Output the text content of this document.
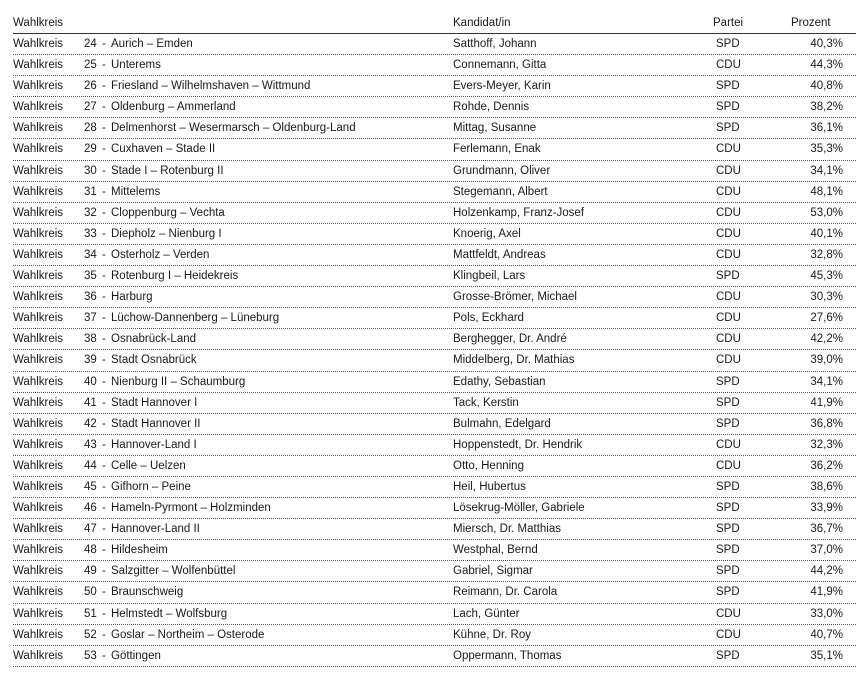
Wahlkreis	Kandidat/in	Partei	Prozent
Wahlkreis 24 - Aurich – Emden	Satthoff, Johann	SPD	40,3%
Wahlkreis 25 - Unterems	Connemann, Gitta	CDU	44,3%
Wahlkreis 26 - Friesland – Wilhelmshaven – Wittmund	Evers-Meyer, Karin	SPD	40,8%
Wahlkreis 27 - Oldenburg – Ammerland	Rohde, Dennis	SPD	38,2%
Wahlkreis 28 - Delmenhorst – Wesermarsch – Oldenburg-Land	Mittag, Susanne	SPD	36,1%
Wahlkreis 29 - Cuxhaven – Stade II	Ferlemann, Enak	CDU	35,3%
Wahlkreis 30 - Stade I – Rotenburg II	Grundmann, Oliver	CDU	34,1%
Wahlkreis 31 - Mittelems	Stegemann, Albert	CDU	48,1%
Wahlkreis 32 - Cloppenburg – Vechta	Holzenkamp, Franz-Josef	CDU	53,0%
Wahlkreis 33 - Diepholz – Nienburg I	Knoerig, Axel	CDU	40,1%
Wahlkreis 34 - Osterholz – Verden	Mattfeldt, Andreas	CDU	32,8%
Wahlkreis 35 - Rotenburg I – Heidekreis	Klingbeil, Lars	SPD	45,3%
Wahlkreis 36 - Harburg	Grosse-Brömer, Michael	CDU	30,3%
Wahlkreis 37 - Lüchow-Dannenberg – Lüneburg	Pols, Eckhard	CDU	27,6%
Wahlkreis 38 - Osnabrück-Land	Berghegger, Dr. André	CDU	42,2%
Wahlkreis 39 - Stadt Osnabrück	Middelberg, Dr. Mathias	CDU	39,0%
Wahlkreis 40 - Nienburg II – Schaumburg	Edathy, Sebastian	SPD	34,1%
Wahlkreis 41 - Stadt Hannover I	Tack, Kerstin	SPD	41,9%
Wahlkreis 42 - Stadt Hannover II	Bulmahn, Edelgard	SPD	36,8%
Wahlkreis 43 - Hannover-Land I	Hoppenstedt, Dr. Hendrik	CDU	32,3%
Wahlkreis 44 - Celle – Uelzen	Otto, Henning	CDU	36,2%
Wahlkreis 45 - Gifhorn – Peine	Heil, Hubertus	SPD	38,6%
Wahlkreis 46 - Hameln-Pyrmont – Holzminden	Lösekrug-Möller, Gabriele	SPD	33,9%
Wahlkreis 47 - Hannover-Land II	Miersch, Dr. Matthias	SPD	36,7%
Wahlkreis 48 - Hildesheim	Westphal, Bernd	SPD	37,0%
Wahlkreis 49 - Salzgitter – Wolfenbüttel	Gabriel, Sigmar	SPD	44,2%
Wahlkreis 50 - Braunschweig	Reimann, Dr. Carola	SPD	41,9%
Wahlkreis 51 - Helmstedt – Wolfsburg	Lach, Günter	CDU	33,0%
Wahlkreis 52 - Goslar – Northeim – Osterode	Kühne, Dr. Roy	CDU	40,7%
Wahlkreis 53 - Göttingen	Oppermann, Thomas	SPD	35,1%
